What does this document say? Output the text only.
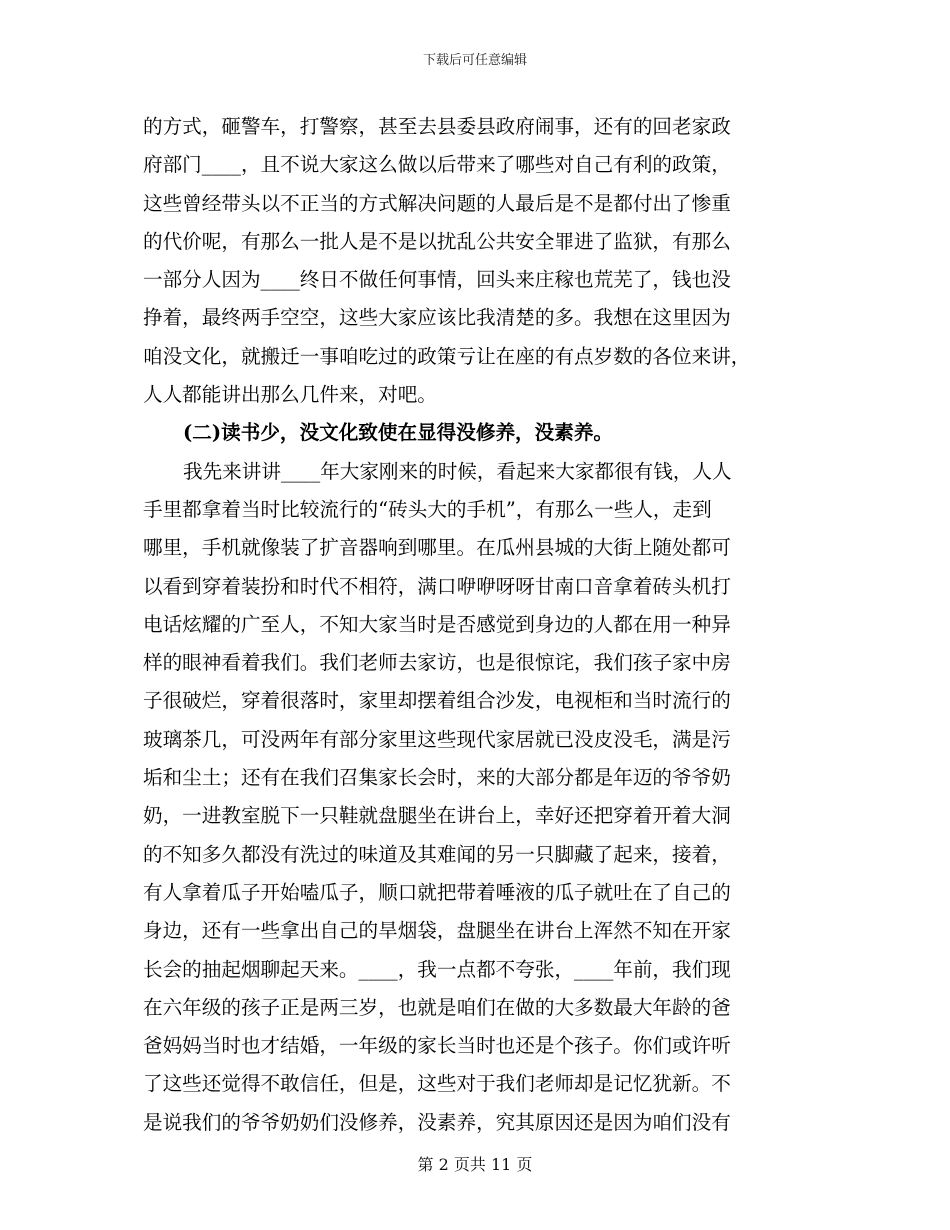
下载后可任意编辑
的方式，砸警车，打警察，甚至去县委县政府闹事，还有的回老家政
府部门____，且不说大家这么做以后带来了哪些对自己有利的政策，
这些曾经带头以不正当的方式解决问题的人最后是不是都付出了惨重
的代价呢，有那么一批人是不是以扰乱公共安全罪进了监狱，有那么
一部分人因为____终日不做任何事情，回头来庄稼也荒芜了，钱也没
挣着，最终两手空空，这些大家应该比我清楚的多。我想在这里因为
咱没文化，就搬迁一事咱吃过的政策亏让在座的有点岁数的各位来讲，
人人都能讲出那么几件来，对吧。
(二)读书少，没文化致使在显得没修养，没素养。
我先来讲讲____年大家刚来的时候，看起来大家都很有钱，人人
手里都拿着当时比较流行的“砖头大的手机”，有那么一些人，走到
哪里，手机就像装了扩音器响到哪里。在瓜州县城的大街上随处都可
以看到穿着装扮和时代不相符，满口咿咿呀呀甘南口音拿着砖头机打
电话炫耀的广至人，不知大家当时是否感觉到身边的人都在用一种异
样的眼神看着我们。我们老师去家访，也是很惊诧，我们孩子家中房
子很破烂，穿着很落时，家里却摆着组合沙发，电视柜和当时流行的
玻璃茶几，可没两年有部分家里这些现代家居就已没皮没毛，满是污
垢和尘土；还有在我们召集家长会时，来的大部分都是年迈的爷爷奶
奶，一进教室脱下一只鞋就盘腿坐在讲台上，幸好还把穿着开着大洞
的不知多久都没有洗过的味道及其难闻的另一只脚藏了起来，接着，
有人拿着瓜子开始嗑瓜子，顺口就把带着唾液的瓜子就吐在了自己的
身边，还有一些拿出自己的旱烟袋，盘腿坐在讲台上浑然不知在开家
长会的抽起烟聊起天来。____，我一点都不夸张，____年前，我们现
在六年级的孩子正是两三岁，也就是咱们在做的大多数最大年龄的爸
爸妈妈当时也才结婚，一年级的家长当时也还是个孩子。你们或许听
了这些还觉得不敢信任，但是，这些对于我们老师却是记忆犹新。不
是说我们的爷爷奶奶们没修养，没素养，究其原因还是因为咱们没有
第 2 页共 11 页
